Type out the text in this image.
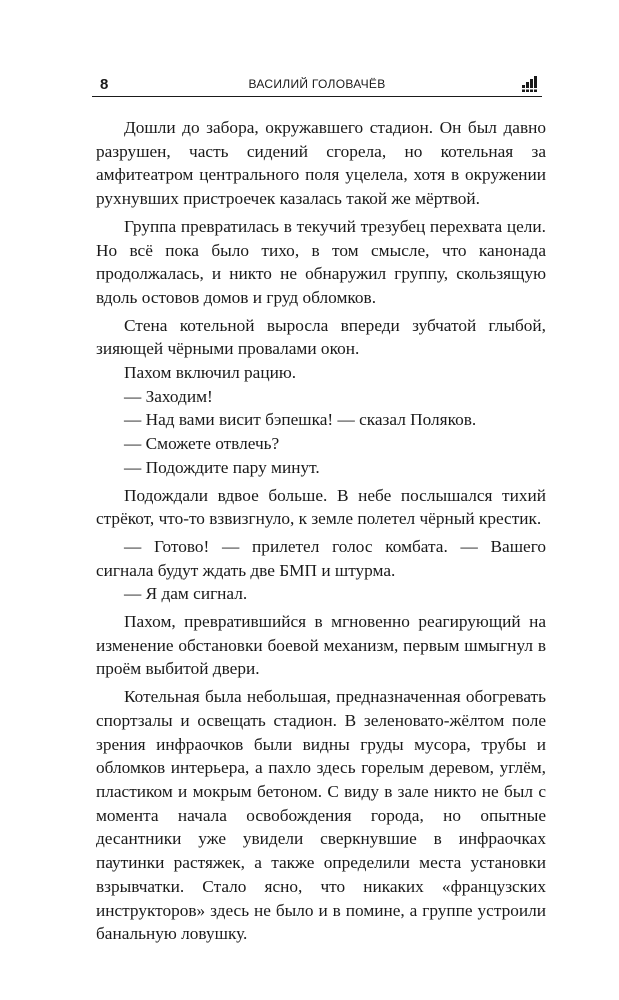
8	ВАСИЛИЙ ГОЛОВАЧЁВ

Дошли до забора, окружавшего стадион. Он был давно разрушен, часть сидений сгорела, но котельная за амфитеатром центрального поля уцелела, хотя в окружении рухнувших пристроечек казалась такой же мёртвой.

Группа превратилась в текучий трезубец перехвата цели. Но всё пока было тихо, в том смысле, что канонада продолжалась, и никто не обнаружил группу, скользящую вдоль остовов домов и груд обломков.

Стена котельной выросла впереди зубчатой глыбой, зияющей чёрными провалами окон.

Пахом включил рацию.

— Заходим!

— Над вами висит бэпешка! — сказал Поляков.

— Сможете отвлечь?

— Подождите пару минут.

Подождали вдвое больше. В небе послышался тихий стрёкот, что-то взвизгнуло, к земле полетел чёрный крестик.

— Готово! — прилетел голос комбата. — Вашего сигнала будут ждать две БМП и штурма.

— Я дам сигнал.

Пахом, превратившийся в мгновенно реагирующий на изменение обстановки боевой механизм, первым шмыгнул в проём выбитой двери.

Котельная была небольшая, предназначенная обогревать спортзалы и освещать стадион. В зеленовато-жёлтом поле зрения инфраочков были видны груды мусора, трубы и обломков интерьера, а пахло здесь горелым деревом, углём, пластиком и мокрым бетоном. С виду в зале никто не был с момента начала освобождения города, но опытные десантники уже увидели сверкнувшие в инфраочках паутинки растяжек, а также определили места установки взрывчатки. Стало ясно, что никаких «французских инструкторов» здесь не было и в помине, а группе устроили банальную ловушку.
